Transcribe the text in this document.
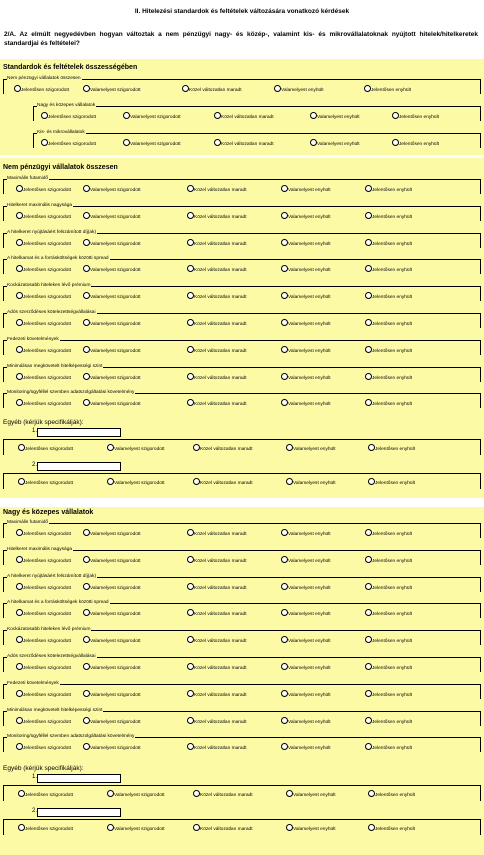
II. Hitelezési standardok és feltételek változására vonatkozó kérdések
2/A. Az elmúlt negyedévben hogyan változtak a nem pénzügyi nagy- és közép-, valamint kis- és mikrovállalatoknak nyújtott hitelek/hitelkeretek standardjai és feltételei?
Standardok és feltételek összességében
Nem pénzügyi vállalatok összesen
Jelentősen szigorodott	Valamelyest szigorodott	Közel változatlan maradt	Valamelyest enyhült	Jelentősen enyhült
Nagy és közepes vállalatok
Jelentősen szigorodott	Valamelyest szigorodott	Közel változatlan maradt	Valamelyest enyhült	Jelentősen enyhült
Kis- és mikrovállalatok
Jelentősen szigorodott	Valamelyest szigorodott	Közel változatlan maradt	Valamelyest enyhült	Jelentősen enyhült
Nem pénzügyi vállalatok összesen
Maximális futamidő
Jelentősen szigorodott	Valamelyest szigorodott	Közel változatlan maradt	Valamelyest enyhült	Jelentősen enyhült
Hitelkeret maximális nagysága
Jelentősen szigorodott	Valamelyest szigorodott	Közel változatlan maradt	Valamelyest enyhült	Jelentősen enyhült
A hitelkeret nyújtásáért felszámított díj(ak)
Jelentősen szigorodott	Valamelyest szigorodott	Közel változatlan maradt	Valamelyest enyhült	Jelentősen enyhült
A hitelkamat és a forrásköltségek közötti spread
Jelentősen szigorodott	Valamelyest szigorodott	Közel változatlan maradt	Valamelyest enyhült	Jelentősen enyhült
Kockázatosabb hiteleken lévő prémium
Jelentősen szigorodott	Valamelyest szigorodott	Közel változatlan maradt	Valamelyest enyhült	Jelentősen enyhült
Adós szerződéses kötelezettségvállalásai
Jelentősen szigorodott	Valamelyest szigorodott	Közel változatlan maradt	Valamelyest enyhült	Jelentősen enyhült
Fedezeti követelmények
Jelentősen szigorodott	Valamelyest szigorodott	Közel változatlan maradt	Valamelyest enyhült	Jelentősen enyhült
Minimálisan megkövetelt hitelképességi szint
Jelentősen szigorodott	Valamelyest szigorodott	Közel változatlan maradt	Valamelyest enyhült	Jelentősen enyhült
Monitoring/ügyféllel szemben adatszolgáltatási követelmény
Jelentősen szigorodott	Valamelyest szigorodott	Közel változatlan maradt	Valamelyest enyhült	Jelentősen enyhült
Egyéb (kérjük specifikálják):
1.
Jelentősen szigorodott	Valamelyest szigorodott	Közel változatlan maradt	Valamelyest enyhült	Jelentősen enyhült
2.
Jelentősen szigorodott	Valamelyest szigorodott	Közel változatlan maradt	Valamelyest enyhült	Jelentősen enyhült
Nagy és közepes vállalatok
Maximális futamidő
Jelentősen szigorodott	Valamelyest szigorodott	Közel változatlan maradt	Valamelyest enyhült	Jelentősen enyhült
Hitelkeret maximális nagysága
Jelentősen szigorodott	Valamelyest szigorodott	Közel változatlan maradt	Valamelyest enyhült	Jelentősen enyhült
A hitelkeret nyújtásáért felszámított díj(ak)
Jelentősen szigorodott	Valamelyest szigorodott	Közel változatlan maradt	Valamelyest enyhült	Jelentősen enyhült
A hitelkamat és a forrásköltségek közötti spread
Jelentősen szigorodott	Valamelyest szigorodott	Közel változatlan maradt	Valamelyest enyhült	Jelentősen enyhült
Kockázatosabb hiteleken lévő prémium
Jelentősen szigorodott	Valamelyest szigorodott	Közel változatlan maradt	Valamelyest enyhült	Jelentősen enyhült
Adós szerződéses kötelezettségvállalásai
Jelentősen szigorodott	Valamelyest szigorodott	Közel változatlan maradt	Valamelyest enyhült	Jelentősen enyhült
Fedezeti követelmények
Jelentősen szigorodott	Valamelyest szigorodott	Közel változatlan maradt	Valamelyest enyhült	Jelentősen enyhült
Minimálisan megkövetelt hitelképességi szint
Jelentősen szigorodott	Valamelyest szigorodott	Közel változatlan maradt	Valamelyest enyhült	Jelentősen enyhült
Monitoring/ügyféllel szemben adatszolgáltatási követelmény
Jelentősen szigorodott	Valamelyest szigorodott	Közel változatlan maradt	Valamelyest enyhült	Jelentősen enyhült
Egyéb (kérjük specifikálják):
1.
Jelentősen szigorodott	Valamelyest szigorodott	Közel változatlan maradt	Valamelyest enyhült	Jelentősen enyhült
2.
Jelentősen szigorodott	Valamelyest szigorodott	Közel változatlan maradt	Valamelyest enyhült	Jelentősen enyhült
